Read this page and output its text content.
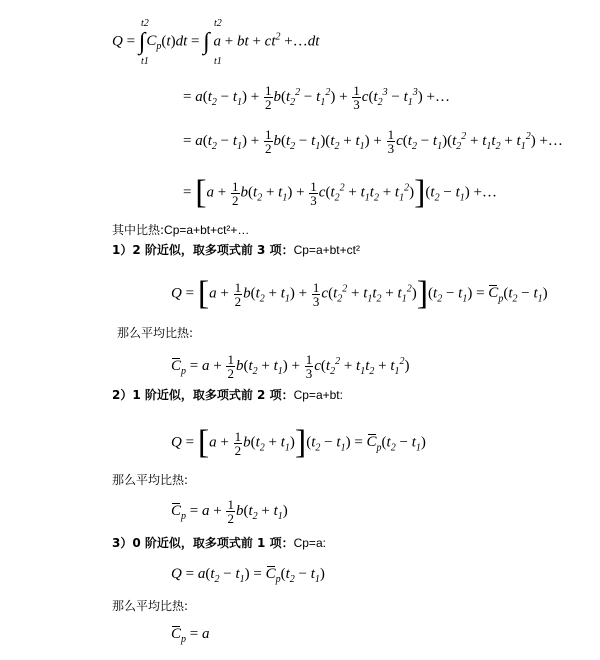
$Q = \int C_p(t)dt$ = ∫ a + bt + $ct^2$ +…dt
t2
t1
t2
t1
= $a(t_2 - t_1) + \frac{1}{2} b(t_2^2 - t_1^2) + \frac{1}{3} c(t_2^3 - t_1^3)$ +…
= $a(t_2 - t_1) + \frac{1}{2} b(t_2 - t_1)(t_2 + t_1) + \frac{1}{3} c(t_2 - t_1)(t_2^2 + t_1t_2 + t_1^2)$ +…
= $[a + \frac{1}{2} b(t_2 + t_1) + \frac{1}{3} c(t_2^2 + t_1t_2 + t_1^2)](t_2 - t_1)$ +…
其中比热:Cp=a+bt+ct²+…
1）2 阶近似，取多项式前 3 项：Cp=a+bt+ct²
$Q = [a + \frac{1}{2} b(t_2 + t_1) + \frac{1}{3} c(t_2^2 + t_1t_2 + t_1^2)](t_2 - t_1) = C_p(t_2 - t_1)$
那么平均比热:
$C_p = a + \frac{1}{2} b(t_2 + t_1) + \frac{1}{3} c(t_2^2 + t_1t_2 + t_1^2)$
2）1 阶近似，取多项式前 2 项：Cp=a+bt:
$Q = [a + \frac{1}{2} b(t_2 + t_1)](t_2 - t_1) = C_p(t_2 - t_1)$
那么平均比热:
$C_p = a + \frac{1}{2} b(t_2 + t_1)$
3）0 阶近似，取多项式前 1 项：Cp=a:
$Q = a(t_2 - t_1) = C_p(t_2 - t_1)$
那么平均比热:
$C_p = a$
